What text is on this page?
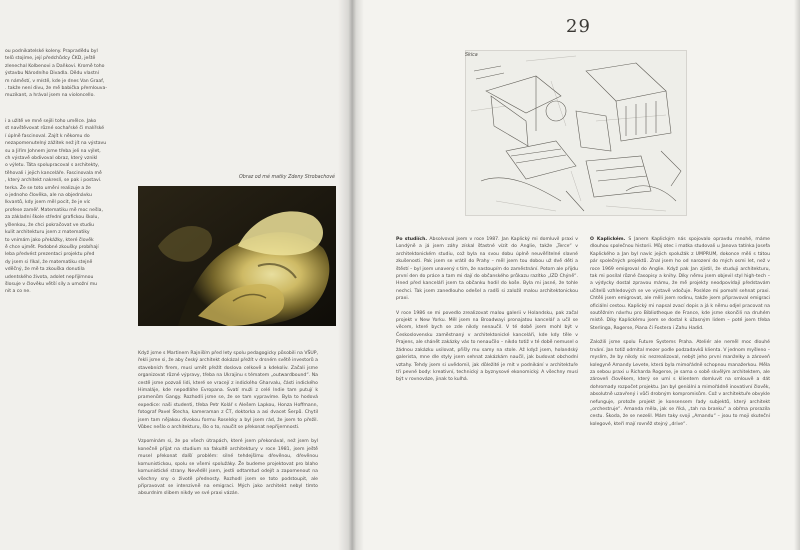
ou podnikatelské koleny. Prapradědu byl
telů stojíme, její předchůdcy ČKD, ještě
zlenechal Kolbenovi a Daňkovi. Kromě toho
ýstavbu Národního Divadla. Dědu vlastní
m náměstí, v místě, kde je dnes Van Graaf,
. takže není divu, že mě babička přemlouva-
muzikant, a hrával jsem na violoncello.
i a užitě ve mně sejili toho umělce. Jako
st navštěvovat různé sochařské či malířské
í úplně fascinoval. Zajít k někomu do
nezapomenutelný zážitek než jít na výstavu
su a Jiřím Johnem jsme třeba jeli na výlet,
ch výstavě obdivoval obraz, který vznikl
o výletu. Táta spolupracoval s architekty,
těhovali i jejich kanceláře. Fascinovala mě
, který architekt nakreslí, se pak i postaví.
terka. Že se toto umění realizuje a že
o jednoho člověka, ale na objednávku
lkvantů, kdy jsem měl pocit, že je víc
profese zaměř. Matematiku mě moc nešla,
za základní škole střední grafickou školu,
yšlenkou, že chci pokračovat ve studiu
kulit architekturu jsem z matematiky
to vnímám jako překážky, které člověk
ě chce ujmět. Podobné zkoušky probíhají
leba předvést prezentaci projektu před
dy jsem si říkal, že matematiku stejně
vděčný, že mě ta zkouška donutila
udentského života, adolet nepřijímnou
šlosuje v člověku větší síly a umožní mu
nit a co ne.
Obraz od mé matky Zdeny Strobachové

Když jsme s Martinem Rajniším před lety spolu pedagogicky působili na VŠUP, řekli jsme si, že aby český architekt dokázal přežít v drsném světě investorů a stavebních firem, musí umět přežít doslova celkově a kdekoliv. Začali jsme organizovat různé výpravy, třeba na Ukrajinu s tématem „outwardbound“. Na cestě jsme pozvali lidi, které se vracejí z indického Gharvalu, části indického Himaláje, kde nepodláhe Evropana. Svatí muži z celé Indie tam putují k pramenům Gangy. Rozhodli jsme se, že se tam vypravíme. Byla to hodová expedice: naši studenti, třeba Petr Kolář s Alešem Lapkou, Honza Hoffmann, fotograf Pavel Štecha, kameraman z ČT, doktorka a asi dvacet Šerpů. Chytil jsem tam nějakou divokou formu Roselsky a byl jsem rád, že jsem to přežil. Vůbec nešlo o architekturu, šlo o to, naučit se překonat nepřijemnosti.

Vzpomínám si, že po všech útrapách, které jsem překonával, než jsem byl konečně přijat na studium na fakultě architektury v roce 1981, jsem ještě musel překonat další problém: silné tehdejšímu dřevěnou, dřevěnou komunistickou, spolu se všemi spolužáky. Že budeme projektovat pro blaho komunistické strany. Nevěděl jsem, jestli odtamtud odejít a zapomenout na všechny sny o životě přednosty. Rozhodl jsem se toto podstoupit, ale připravovat se intenzivně na emigraci. Mých jako architekt nebyl tímto absurdním slibem nikdy ve své praxi vázán.

29
Skica

Po studiích. Absolvoval jsem v roce 1987. Jan Kaplický mi domluvil praxi v Londýně a já jsem záhy získal šťastné vízit do Anglie, takže „Terce“ v architektonickém studiu, což byla na svou dobu úplně neuvěřitelné slavné zkušenosti. Pak jsem se vrátil do Prahy – měl jsem tou dobou už dvě děti a štěstí – byl jsem unavený s tím, že nastoupím do zaměstnání. Potom ale přijdu první den do práce a tam mi dají do občanského průkazu razítko „IZD Chýně“. Hned před kanceláří jsem ta občanku hodil do koše. Byla mi jasné, že tohle nechci. Tak jsem zanedlouho odešel a radši si založil malou architektonickou praxi.

V roce 1986 se mi povedlo zrealizovat malou galerii v Holandsku, pak začal projekt v New Yorku. Měl jsem na Broadwayi pronajatou kancelář a učil se věcem, které bych se zde nikdy nenaučil. V té době jsem mohl být v Československu zaměstnaný v architektonické kanceláři, kde kdy těle v Prajens, ale shánět zakázky vás to nenaučilo – nikdo totiž v té době nemusel o žádnou zakázku usilovat, přišly mu samy na stole. Až když jsem, holandský galerista, mne dle styly jsem sehnat zakázkám naučil, jak budovat obchodní vztahy. Tehdy jsem si uvědomil, jak důležité je mít v podnikání v architektuře tři pevné body: kreativní, technický a byznysové ekonomický. A všechny musí být v rovnováze, jinak to kulhá.

O Kaplickém. S Janem Kaplickým nás spojovalo opravdu mnohé, máme dlouhou společnou historii. Můj otec i matka studovali u Janova tatínka Josefa Kaplického a Jan byl navíc jejich spolužák z UMPRUM, dokonce měli s tátou pár společných projektů. Znal jsem ho od narození do mých osmi let, než v roce 1969 emigroval do Anglie. Když pak Jan zjistil, že studuji architekturu, tak mi posílal různé časopisy a knihy. Díky němu jsem objevil styl high-tech – a výdycky dostal zpravou mámu, že mě projekty neodpovídají představám učitelů vzhledových se ve výstavě vdočuje. Posléze mi pomohl sehnat praxi. Chtěli jsem emigrovat, ale měli jsem rodinu, takže jsem připravoval emigraci oficiální cestou. Kaplický mi napsal zvací dopis a já k němu odjel pracovat na soutěžním návrhu pro Bibliotheque de France, kde jsme skončili na druhém místě. Díky Kaplickému jsem se dostal k úžasným lidem – poté jsem třeba Sterlinga, Rogerse, Piana či Fostera i Zahu Hadid.

Založili jsme spolu Future Systems Praha. Ateliér ale neměl moc dlouhé trvání. Jan totiž odmítal mezer podle podzadavků klienta. V jednom myšleno – myslím, že by nikdy nic nezrealizoval, nebýt jeho první manželky a zároveň kolegyně Amandy Levete, která byla mimořádně schopnou manažerkou. Měla za sebou praxi u Richarda Rogerse, je sama o sobě skvělým architektem, ale zároveň člověkem, který se umí s klientem domluvit na smlouvě a dát dohromady rozpočet projektu. Jan byl geniální a mimořádně inovativní člověk, absolutně uzavřený i vůči drobným kompromisům. Což v architektuře obvykle nefunguje, protože projekt je konsensem řady subjektů, který architekt „orchestruje“. Amanda měla, jak se říká, „tah na branku“ a obřma prorazila cestu. Škoda, že se nezelil. Mám taky svoji „Amandu“ – jsou to moji skuteční kolegové, kteří mají rovněž stejný „drive“.
